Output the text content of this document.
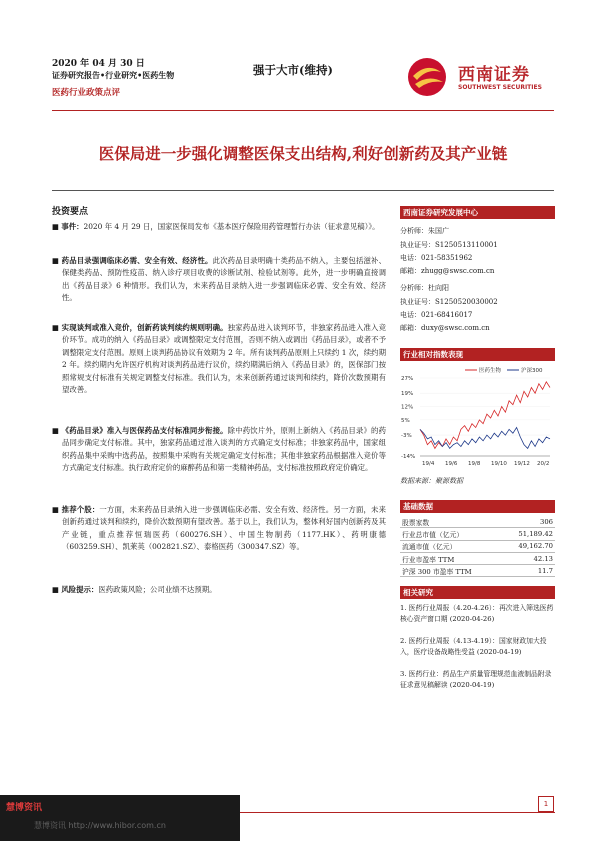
2020 年 04 月 30 日
证券研究报告•行业研究•医药生物
医药行业政策点评
强于大市(维持)	西南证券
SOUTHWEST SECURITIES
医保局进一步强化调整医保支出结构,利好创新药及其产业链
投资要点
■ 事件：2020 年 4 月 29 日，国家医保局发布《基本医疗保险用药管理暂行办法（征求意见稿）》。
■ 药品目录强调临床必需、安全有效、经济性。此次药品目录明确十类药品不纳入，主要包括滋补、保健类药品、预防性疫苗、纳入诊疗项目收费的诊断试剂、检验试剂等。此外，进一步明确直接调出《药品目录》6 种情形。我们认为，未来药品目录纳入进一步强调临床必需、安全有效、经济性。
■ 实现谈判或准入竞价，创新药谈判续约规则明确。独家药品进入谈判环节，非独家药品进入准入竞价环节。成功的纳入《药品目录》或调整限定支付范围，否则不纳入或调出《药品目录》，或者不予调整限定支付范围。原则上谈判药品协议有效期为 2 年。所有谈判药品原则上只续约 1 次，续约期 2 年。续约期内允许医疗机构对谈判药品进行议价，续约期满后纳入《药品目录》的，医保部门按照常规支付标准有关规定调整支付标准。我们认为，未来创新药通过谈判和续约，降价次数预期有望改善。
■ 《药品目录》准入与医保药品支付标准同步衔接。除中药饮片外，原则上新纳入《药品目录》的药品同步确定支付标准。其中，独家药品通过准入谈判的方式确定支付标准；非独家药品中，国家组织药品集中采购中选药品，按照集中采购有关规定确定支付标准；其他非独家药品根据准入竞价等方式确定支付标准。执行政府定价的麻醉药品和第一类精神药品，支付标准按照政府定价确定。
■ 推荐个股：一方面，未来药品目录纳入进一步强调临床必需、安全有效、经济性。另一方面，未来创新药通过谈判和续约，降价次数预期有望改善。基于以上，我们认为，整体利好国内创新药及其产业链，重点推荐恒瑞医药（600276.SH）、中国生物制药（1177.HK）、药明康德（603259.SH）、凯莱英（002821.SZ）、泰格医药（300347.SZ）等。
■ 风险提示：医药政策风险；公司业绩不达预期。
西南证券研究发展中心
分析师：朱国广
执业证号：S1250513110001
电话：021-58351962
邮箱：zhugg@swsc.com.cn
分析师：杜向阳
执业证号：S1250520030002
电话：021-68416017
邮箱：duxy@swsc.com.cn
行业相对指数表现
27%
19%
12%
5%
-3%
-14%
19/4 19/6 19/8 19/10 19/12 20/2
医药生物	沪深300
数据来源：聚源数据
基础数据
股票家数	306
行业总市值（亿元）	51,189.42
流通市值（亿元）	49,162.70
行业市盈率 TTM	42.13
沪深 300 市盈率 TTM	11.7
相关研究
1. 医药行业周报（4.20-4.26）：再次进入筛选医药核心资产窗口期 (2020-04-26)
2. 医药行业周报（4.13-4.19）：国家财政加大投入，医疗设备战略性受益 (2020-04-19)
3. 医药行业：药品生产质量管理规范血液制品附录征求意见稿解读 (2020-04-19)
慧博资讯
慧博资讯 http://www.hibor.com.cn
1
